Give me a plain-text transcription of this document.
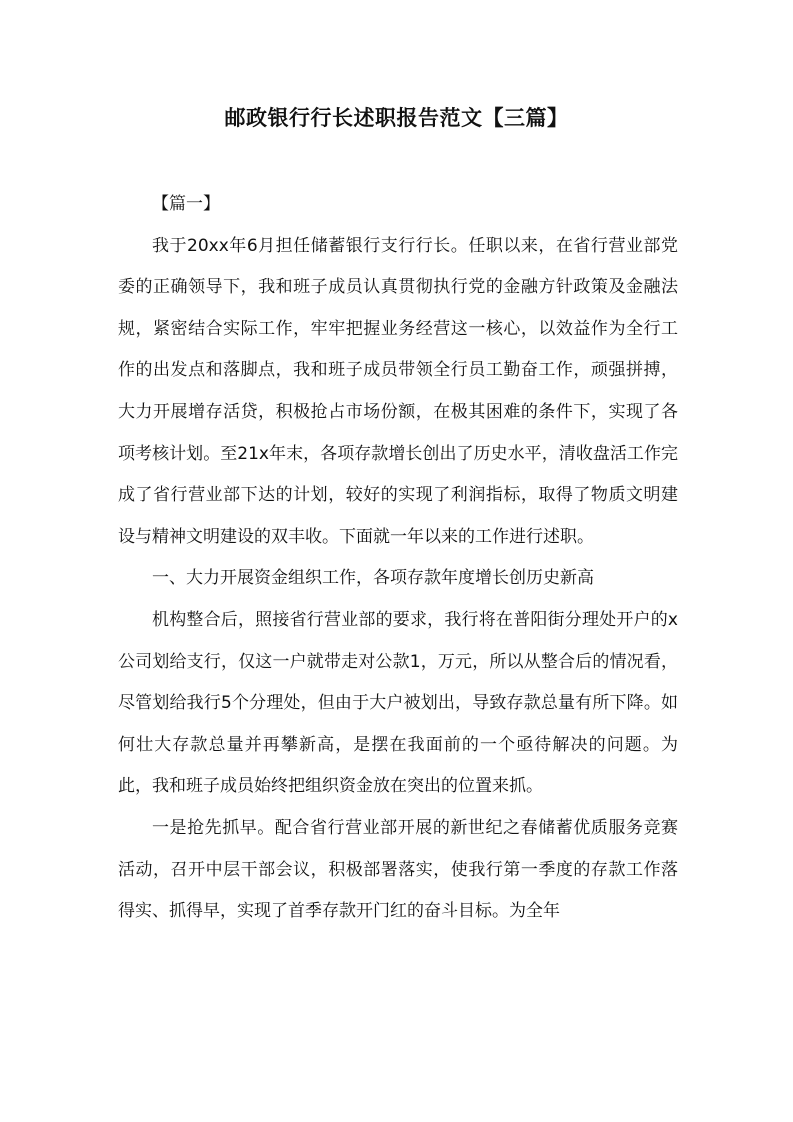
邮政银行行长述职报告范文【三篇】

【篇一】

我于20xx年6月担任储蓄银行支行行长。任职以来，在省行营业部党委的正确领导下，我和班子成员认真贯彻执行党的金融方针政策及金融法规，紧密结合实际工作，牢牢把握业务经营这一核心，以效益作为全行工作的出发点和落脚点，我和班子成员带领全行员工勤奋工作，顽强拼搏，大力开展增存活贷，积极抢占市场份额，在极其困难的条件下，实现了各项考核计划。至21x年末，各项存款增长创出了历史水平，清收盘活工作完成了省行营业部下达的计划，较好的实现了利润指标，取得了物质文明建设与精神文明建设的双丰收。下面就一年以来的工作进行述职。

一、大力开展资金组织工作，各项存款年度增长创历史新高

机构整合后，照接省行营业部的要求，我行将在普阳街分理处开户的x公司划给支行，仅这一户就带走对公款1，万元，所以从整合后的情况看，尽管划给我行5个分理处，但由于大户被划出，导致存款总量有所下降。如何壮大存款总量并再攀新高，是摆在我面前的一个亟待解决的问题。为此，我和班子成员始终把组织资金放在突出的位置来抓。

一是抢先抓早。配合省行营业部开展的新世纪之春储蓄优质服务竞赛活动，召开中层干部会议，积极部署落实，使我行第一季度的存款工作落得实、抓得早，实现了首季存款开门红的奋斗目标。为全年
